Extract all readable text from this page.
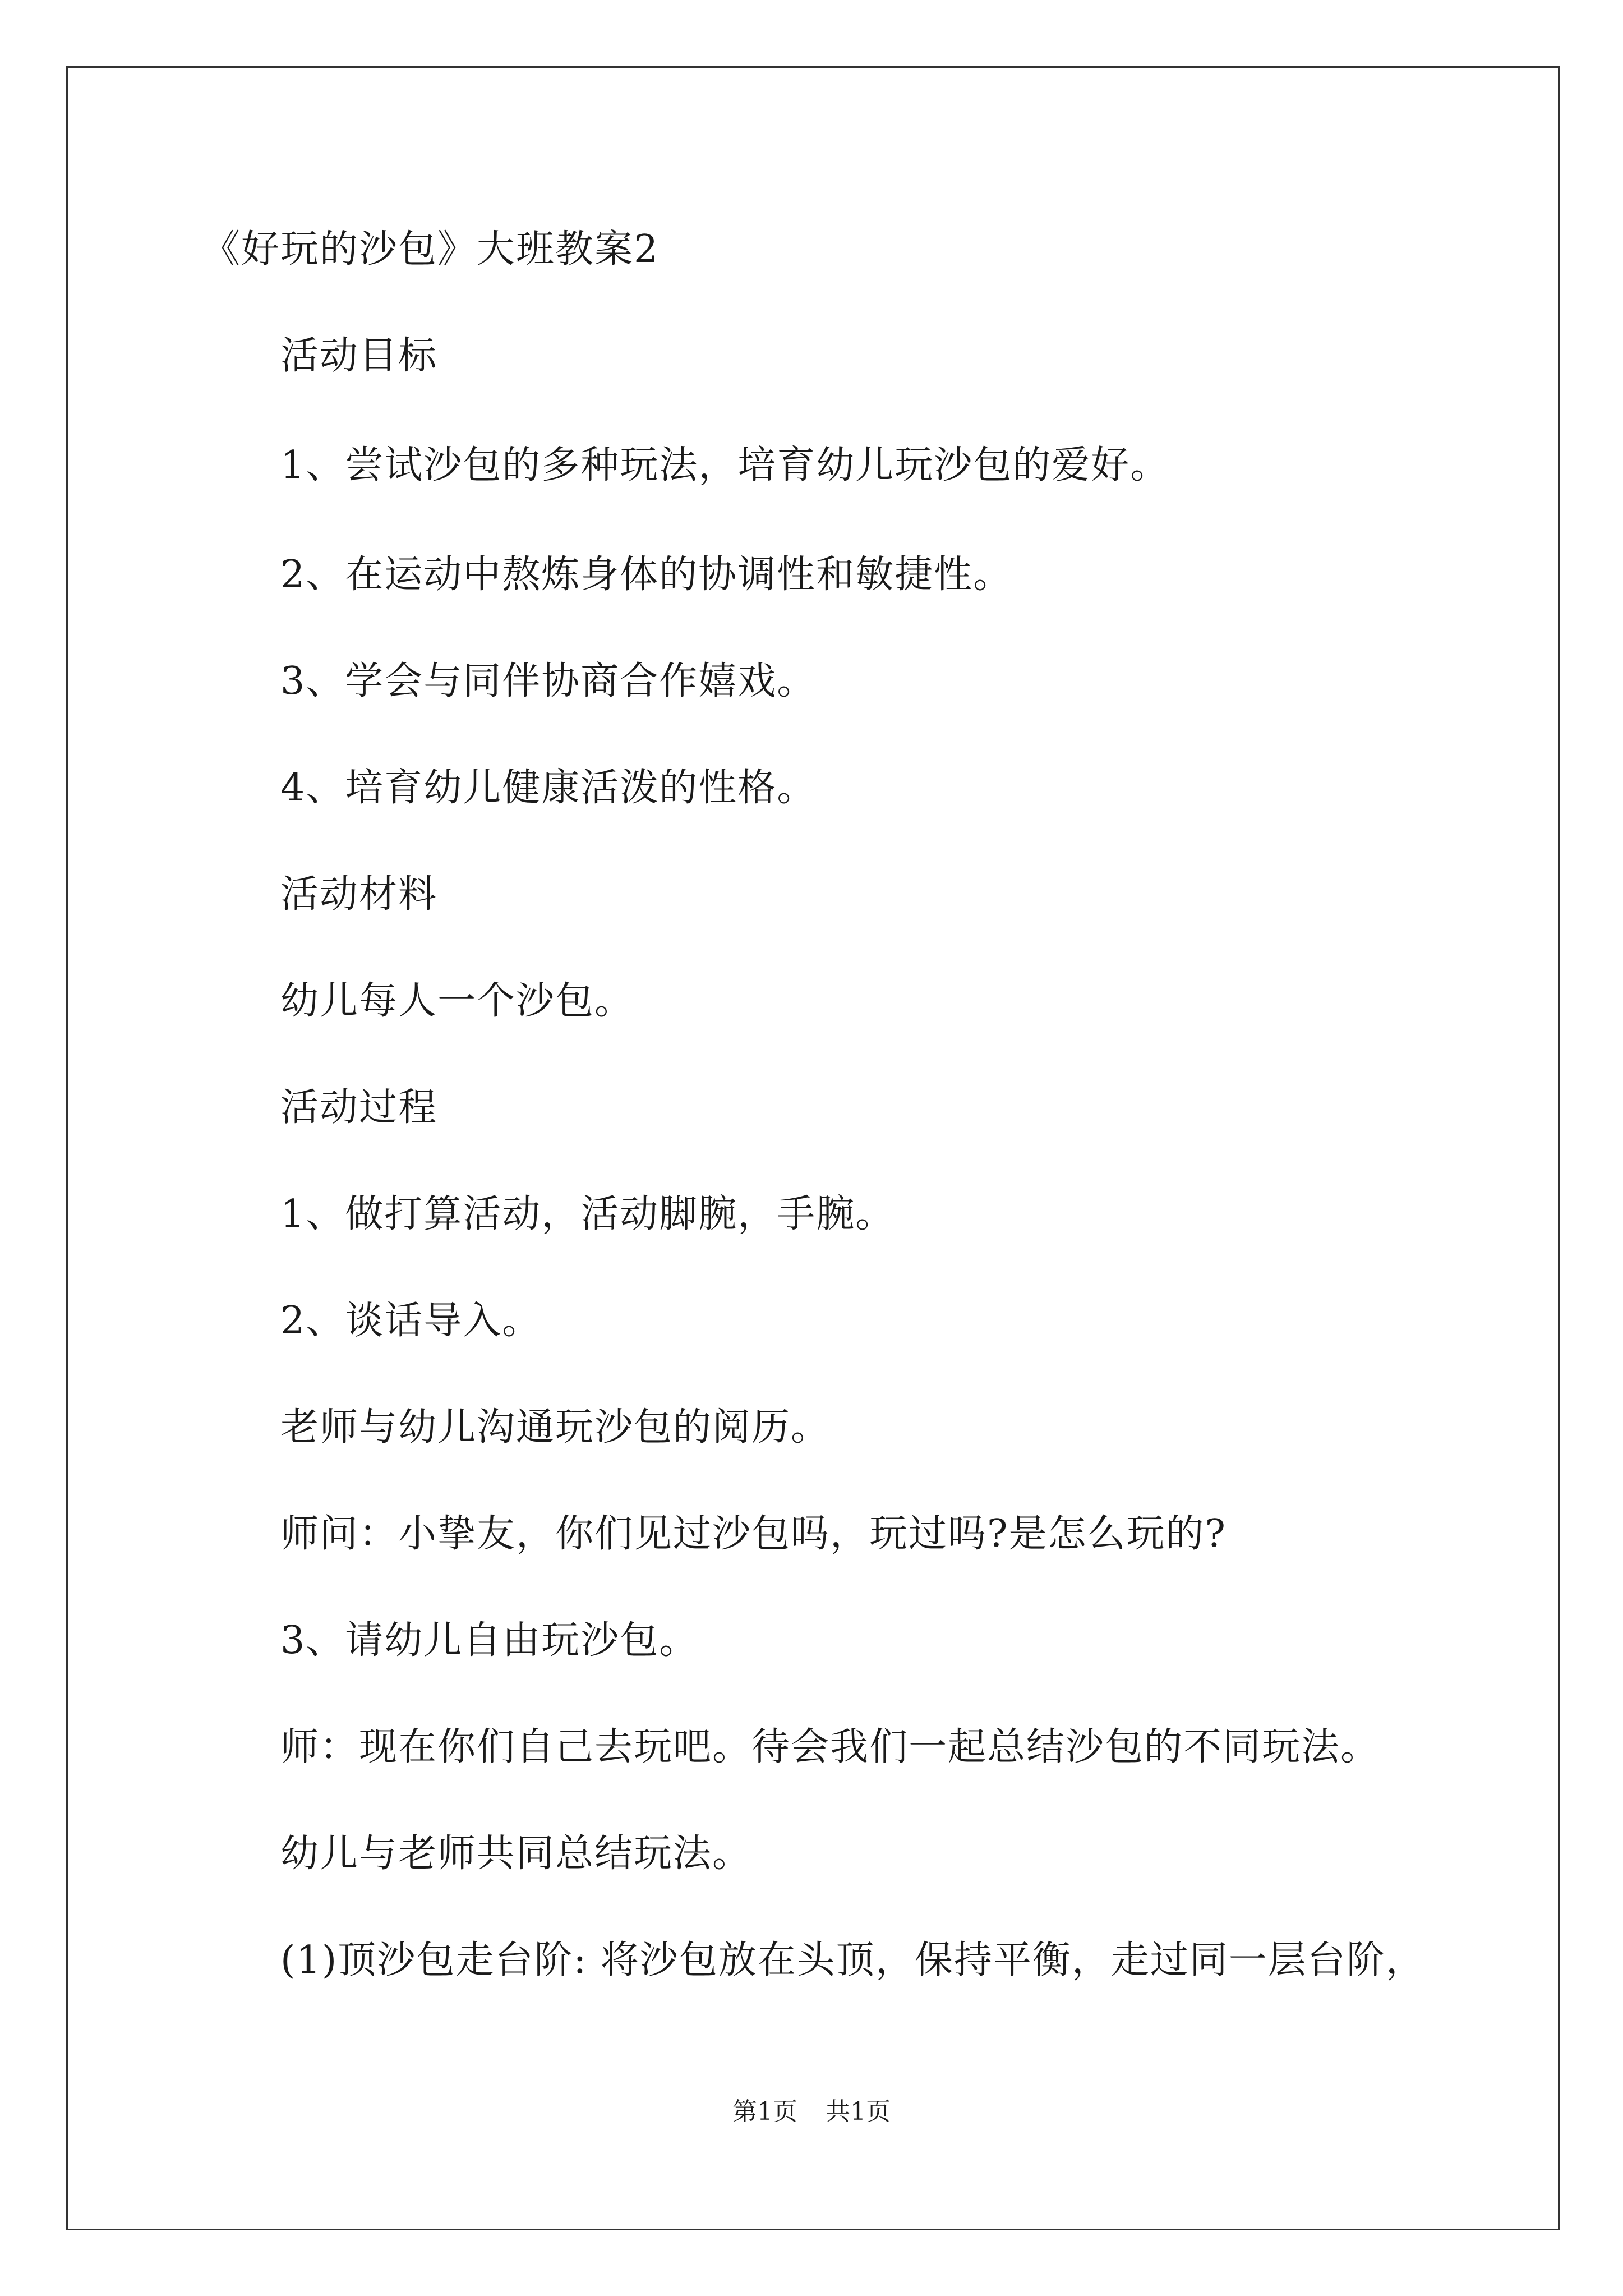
《好玩的沙包》大班教案2
活动目标
1、尝试沙包的多种玩法，培育幼儿玩沙包的爱好。
2、在运动中熬炼身体的协调性和敏捷性。
3、学会与同伴协商合作嬉戏。
4、培育幼儿健康活泼的性格。
活动材料
幼儿每人一个沙包。
活动过程
1、做打算活动，活动脚腕，手腕。
2、谈话导入。
老师与幼儿沟通玩沙包的阅历。
师问：小挚友，你们见过沙包吗，玩过吗?是怎么玩的?
3、请幼儿自由玩沙包。
师：现在你们自己去玩吧。待会我们一起总结沙包的不同玩法。
幼儿与老师共同总结玩法。
(1)顶沙包走台阶: 将沙包放在头顶，保持平衡，走过同一层台阶，
第1页 共1页
